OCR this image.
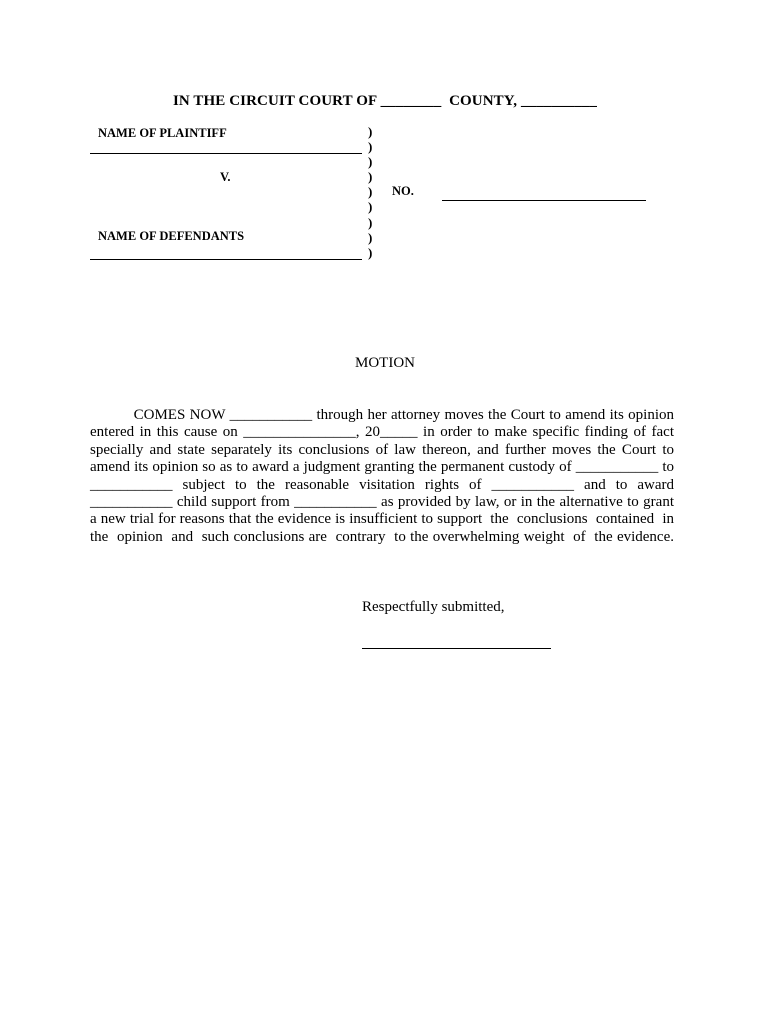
IN THE CIRCUIT COURT OF ________  COUNTY, __________
NAME OF PLAINTIFF
V.
NAME OF DEFENDANTS
)
)
)
)
)
)
)
)
)
NO.
MOTION
COMES NOW ___________ through her attorney moves the Court to amend its opinion
entered in this cause on _______________, 20_____ in order to make specific finding of fact
specially and state separately its conclusions of law thereon, and further moves the Court to
amend its opinion so as to award a judgment granting the permanent custody of ___________ to
___________ subject to the reasonable visitation rights of ___________ and to award
___________ child support from ___________ as provided by law, or in the alternative to grant
a new trial for reasons that the evidence is insufficient to support  the  conclusions  contained  in
the  opinion  and  such conclusions are  contrary  to the overwhelming weight  of  the evidence.
Respectfully submitted,
